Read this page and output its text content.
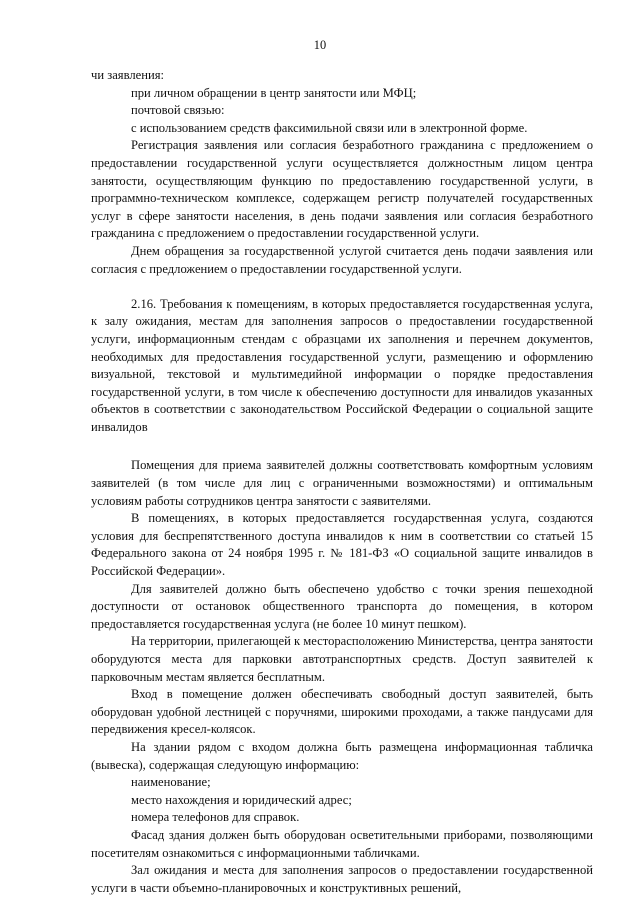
10

чи заявления:

при личном обращении в центр занятости или МФЦ;

почтовой связью:

с использованием средств факсимильной связи или в электронной форме.

Регистрация заявления или согласия безработного гражданина с предложением о предоставлении государственной услуги осуществляется должностным лицом центра занятости, осуществляющим функцию по предоставлению государственной услуги, в программно-техническом комплексе, содержащем регистр получателей государственных услуг в сфере занятости населения, в день подачи заявления или согласия безработного гражданина с предложением о предоставлении государственной услуги.

Днем обращения за государственной услугой считается день подачи заявления или согласия с предложением о предоставлении государственной услуги.

2.16. Требования к помещениям, в которых предоставляется государственная услуга, к залу ожидания, местам для заполнения запросов о предоставлении государственной услуги, информационным стендам с образцами их заполнения и перечнем документов, необходимых для предоставления государственной услуги, размещению и оформлению визуальной, текстовой и мультимедийной информации о порядке предоставления государственной услуги, в том числе к обеспечению доступности для инвалидов указанных объектов в соответствии с законодательством Российской Федерации о социальной защите инвалидов

Помещения для приема заявителей должны соответствовать комфортным условиям заявителей (в том числе для лиц с ограниченными возможностями) и оптимальным условиям работы сотрудников центра занятости с заявителями.

В помещениях, в которых предоставляется государственная услуга, создаются условия для беспрепятственного доступа инвалидов к ним в соответствии со статьей 15 Федерального закона от 24 ноября 1995 г. № 181-ФЗ «О социальной защите инвалидов в Российской Федерации».

Для заявителей должно быть обеспечено удобство с точки зрения пешеходной доступности от остановок общественного транспорта до помещения, в котором предоставляется государственная услуга (не более 10 минут пешком).

На территории, прилегающей к месторасположению Министерства, центра занятости оборудуются места для парковки автотранспортных средств. Доступ заявителей к парковочным местам является бесплатным.

Вход в помещение должен обеспечивать свободный доступ заявителей, быть оборудован удобной лестницей с поручнями, широкими проходами, а также пандусами для передвижения кресел-колясок.

На здании рядом с входом должна быть размещена информационная табличка (вывеска), содержащая следующую информацию:

наименование;

место нахождения и юридический адрес;

номера телефонов для справок.

Фасад здания должен быть оборудован осветительными приборами, позволяющими посетителям ознакомиться с информационными табличками.

Зал ожидания и места для заполнения запросов о предоставлении государственной услуги в части объемно-планировочных и конструктивных решений,
